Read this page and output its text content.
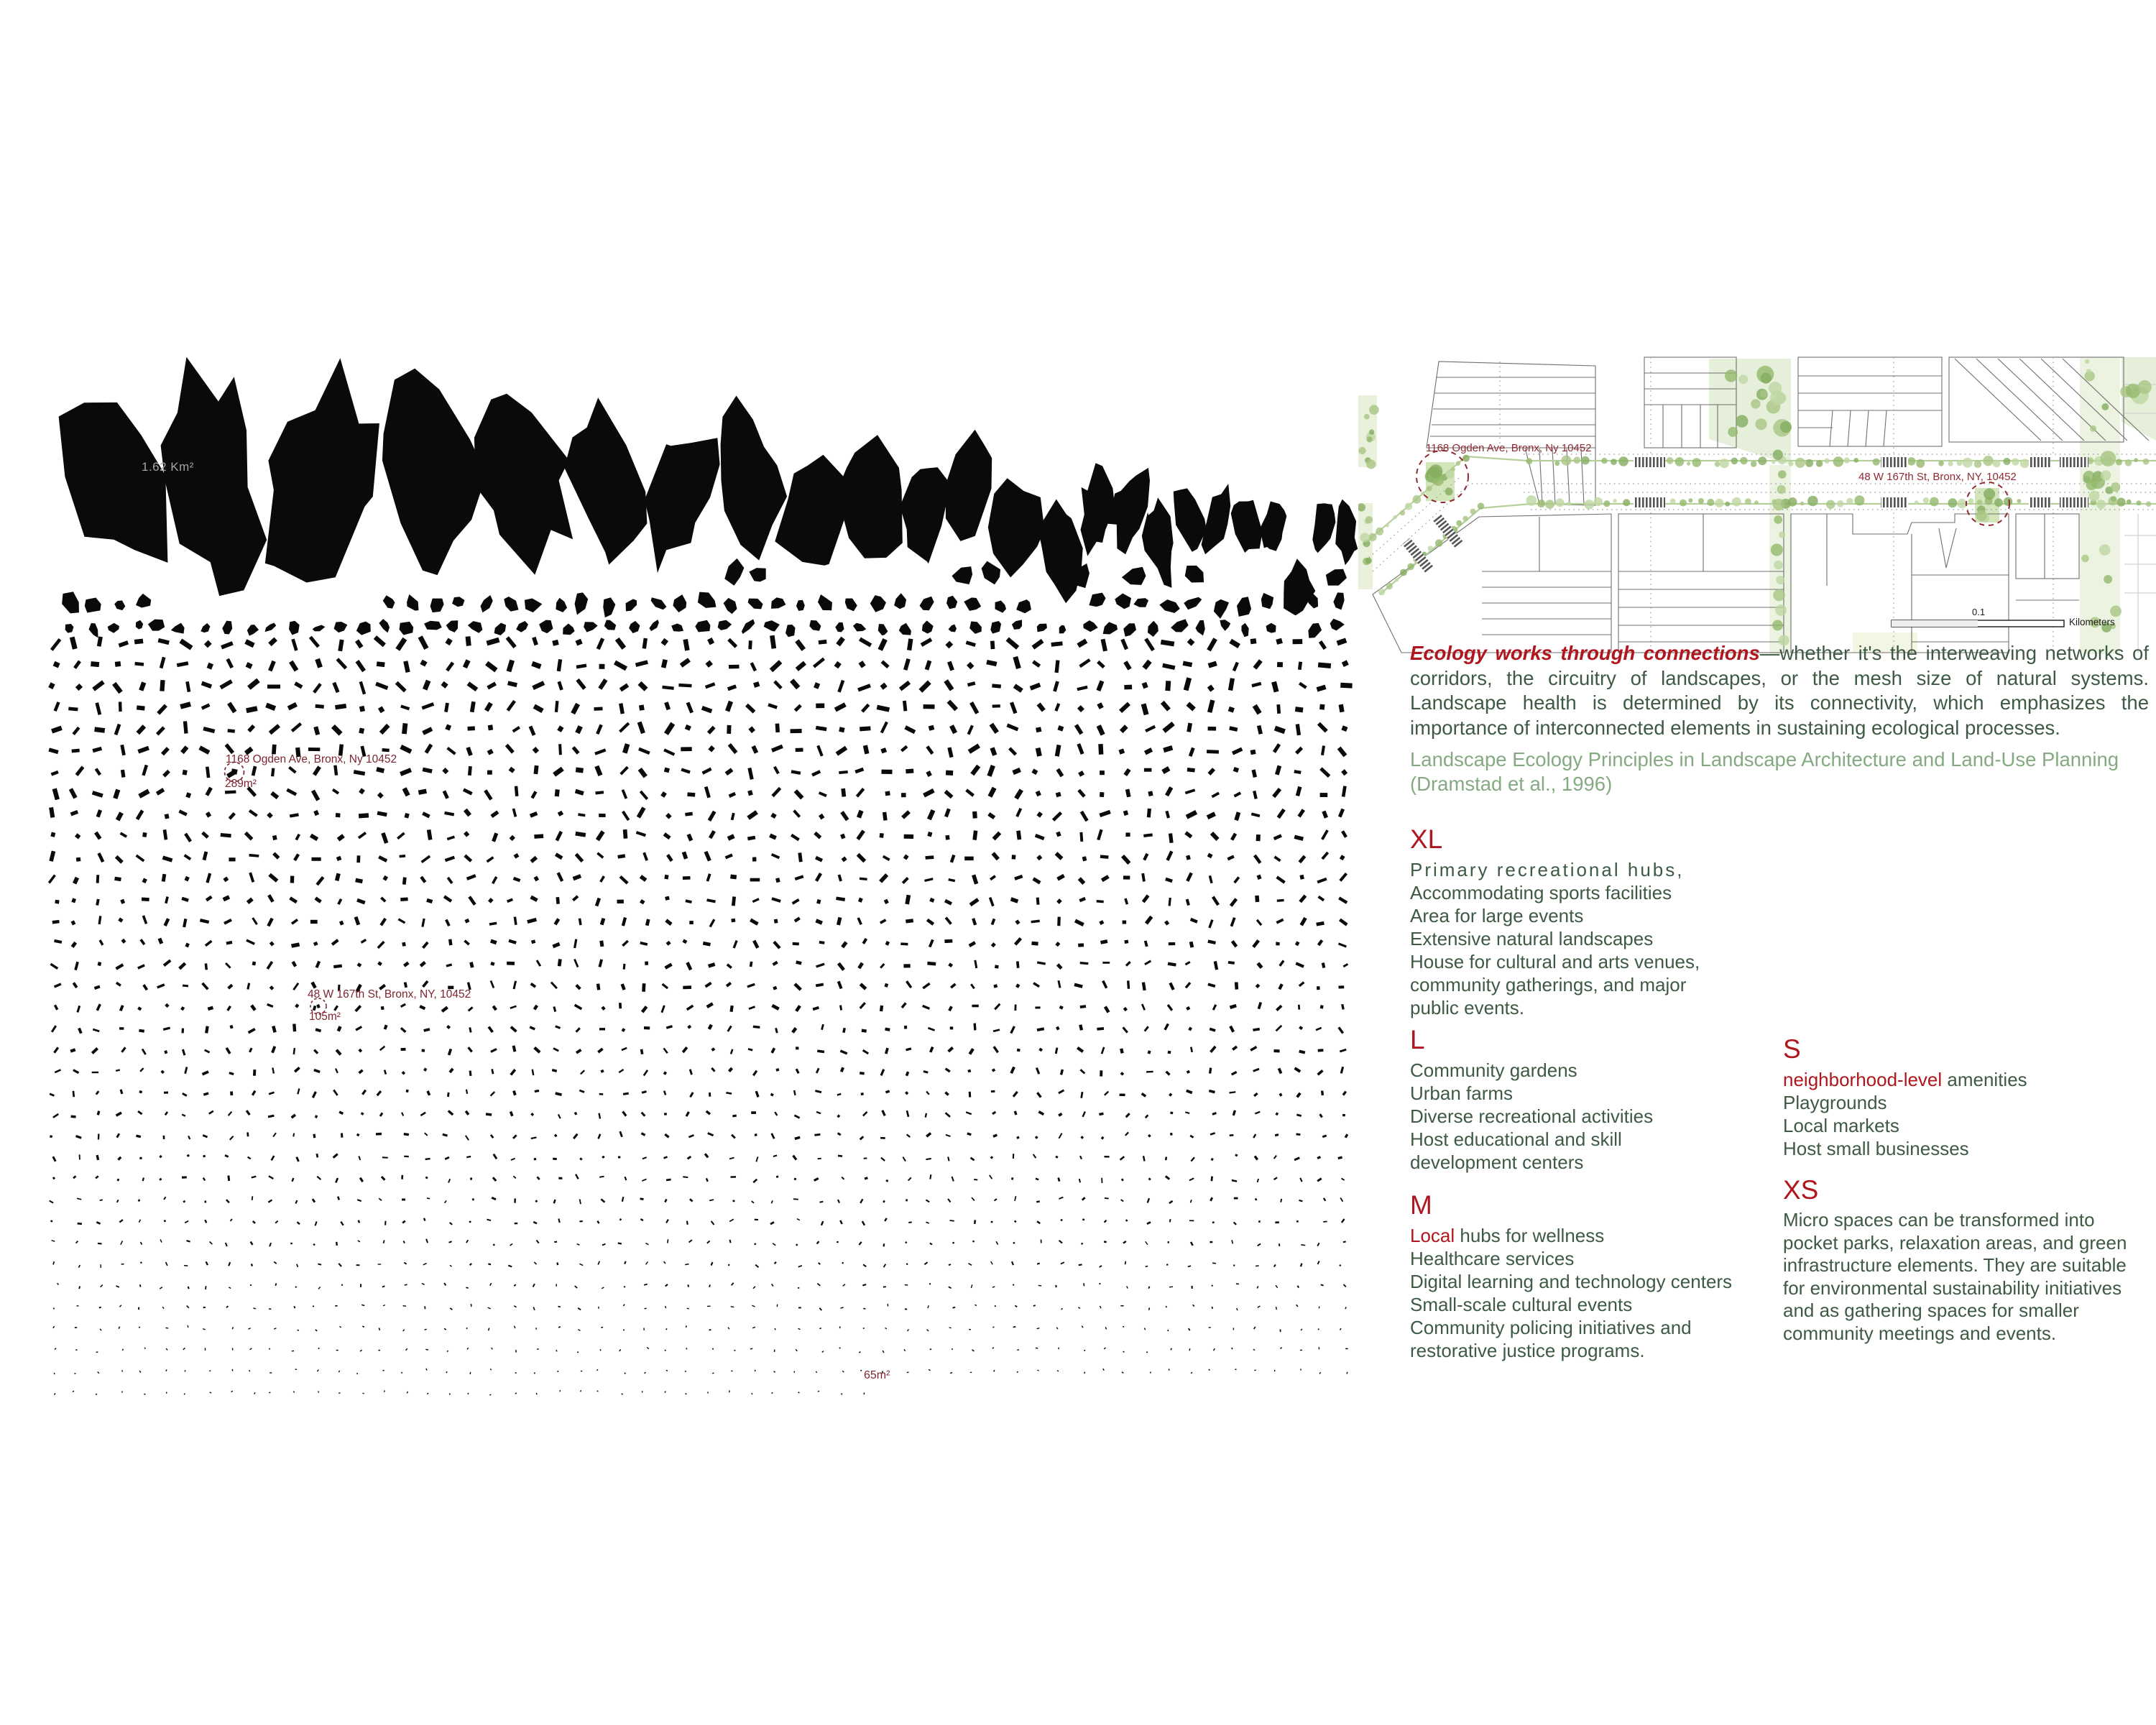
1.62 Km²
1168 Ogden Ave, Bronx, Ny 10452
289m²
48 W 167th St, Bronx, NY, 10452
105m²
65m²
1168 Ogden Ave, Bronx, Ny 10452
48 W 167th St, Bronx, NY, 10452
0.1
Kilometers
Ecology works through connections—whether it's the interweaving networks of corridors, the circuitry of landscapes, or the mesh size of natural systems. Landscape health is determined by its connectivity, which emphasizes the importance of interconnected elements in sustaining ecological processes.
Landscape Ecology Principles in Landscape Architecture and Land-Use Planning (Dramstad et al., 1996)
XL
Primary recreational hubs,
Accommodating sports facilities
Area for large events
Extensive natural landscapes
House for cultural and arts venues,
community gatherings, and major
public events.
L
Community gardens
Urban farms
Diverse recreational activities
Host educational and skill
development centers
M
Local hubs for wellness
Healthcare services
Digital learning and technology centers
Small-scale cultural events
Community policing initiatives and
restorative justice programs.
S
neighborhood-level amenities
Playgrounds
Local markets
Host small businesses
XS
Micro spaces can be transformed into pocket parks, relaxation areas, and green infrastructure elements. They are suitable for environmental sustainability initiatives and as gathering spaces for smaller community meetings and events.
